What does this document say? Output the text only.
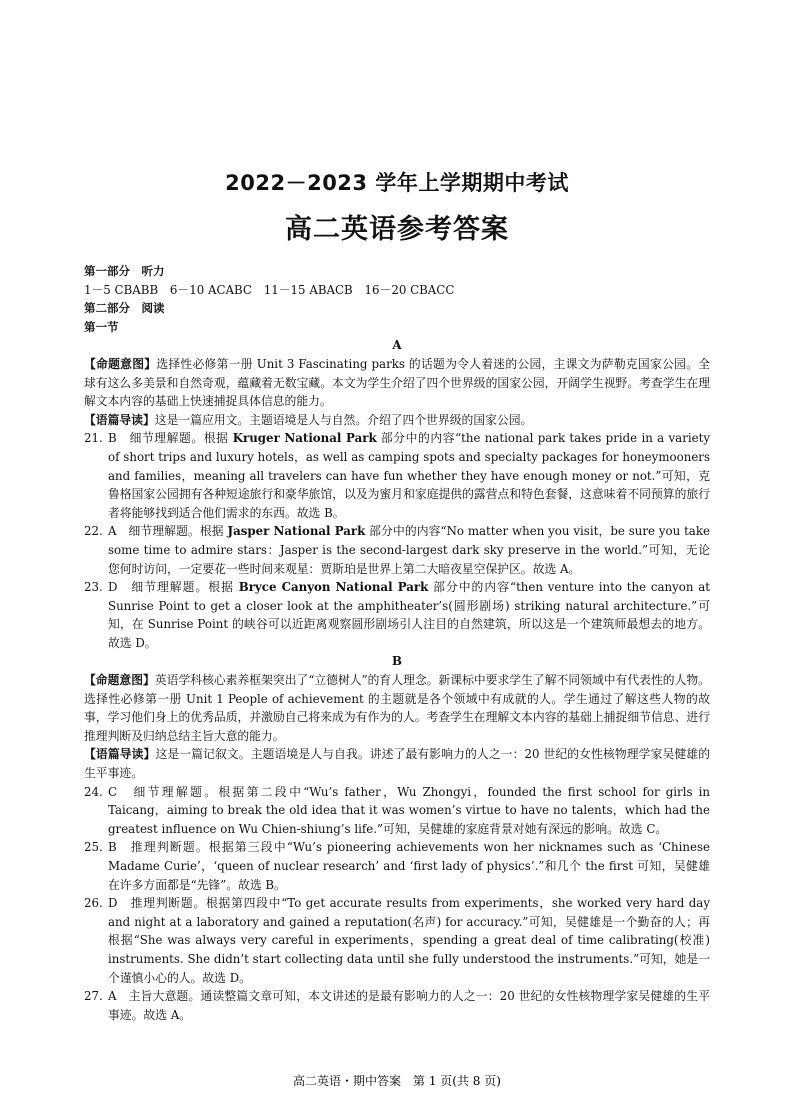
2022－2023 学年上学期期中考试
高二英语参考答案
第一部分　听力
1－5 CBABB　6－10 ACABC　11－15 ABACB　16－20 CBACC
第二部分　阅读
第一节
A

【命题意图】选择性必修第一册 Unit 3 Fascinating parks 的话题为令人着迷的公园，主课文为萨勒克国家公园。全球有这么多美景和自然奇观，蕴藏着无数宝藏。本文为学生介绍了四个世界级的国家公园，开阔学生视野。考查学生在理解文本内容的基础上快速捕捉具体信息的能力。

【语篇导读】这是一篇应用文。主题语境是人与自然。介绍了四个世界级的国家公园。

21. B　细节理解题。根据 Kruger National Park 部分中的内容“the national park takes pride in a variety of short trips and luxury hotels，as well as camping spots and specialty packages for honeymooners and families，meaning all travelers can have fun whether they have enough money or not.”可知，克鲁格国家公园拥有各种短途旅行和豪华旅馆，以及为蜜月和家庭提供的露营点和特色套餐，这意味着不同预算的旅行者将能够找到适合他们需求的东西。故选 B。
22. A　细节理解题。根据 Jasper National Park 部分中的内容“No matter when you visit，be sure you take some time to admire stars：Jasper is the second-largest dark sky preserve in the world.”可知，无论您何时访问，一定要花一些时间来观星：贾斯珀是世界上第二大暗夜星空保护区。故选 A。
23. D　细节理解题。根据 Bryce Canyon National Park 部分中的内容“then venture into the canyon at Sunrise Point to get a closer look at the amphitheater’s(圆形剧场) striking natural architecture.”可知，在 Sunrise Point 的峡谷可以近距离观察圆形剧场引人注目的自然建筑，所以这是一个建筑师最想去的地方。故选 D。
B

【命题意图】英语学科核心素养框架突出了“立德树人”的育人理念。新课标中要求学生了解不同领域中有代表性的人物。选择性必修第一册 Unit 1 People of achievement 的主题就是各个领域中有成就的人。学生通过了解这些人物的故事，学习他们身上的优秀品质，并激励自己将来成为有作为的人。考查学生在理解文本内容的基础上捕捉细节信息、进行推理判断及归纳总结主旨大意的能力。

【语篇导读】这是一篇记叙文。主题语境是人与自我。讲述了最有影响力的人之一：20 世纪的女性核物理学家吴健雄的生平事迹。

24. C　细节理解题。根据第二段中“Wu’s father，Wu Zhongyi，founded the first school for girls in Taicang，aiming to break the old idea that it was women’s virtue to have no talents，which had the greatest influence on Wu Chien-shiung’s life.”可知，吴健雄的家庭背景对她有深远的影响。故选 C。
25. B　推理判断题。根据第三段中“Wu’s pioneering achievements won her nicknames such as ‘Chinese Madame Curie’，‘queen of nuclear research’ and ‘first lady of physics’.”和几个 the first 可知，吴健雄在许多方面都是“先锋”。故选 B。
26. D　推理判断题。根据第四段中“To get accurate results from experiments，she worked very hard day and night at a laboratory and gained a reputation(名声) for accuracy.”可知，吴健雄是一个勤奋的人；再根据“She was always very careful in experiments，spending a great deal of time calibrating(校准) instruments. She didn’t start collecting data until she fully understood the instruments.”可知，她是一个谨慎小心的人。故选 D。
27. A　主旨大意题。通读整篇文章可知，本文讲述的是最有影响力的人之一：20 世纪的女性核物理学家吴健雄的生平事迹。故选 A。
高二英语・期中答案　第 1 页(共 8 页)
